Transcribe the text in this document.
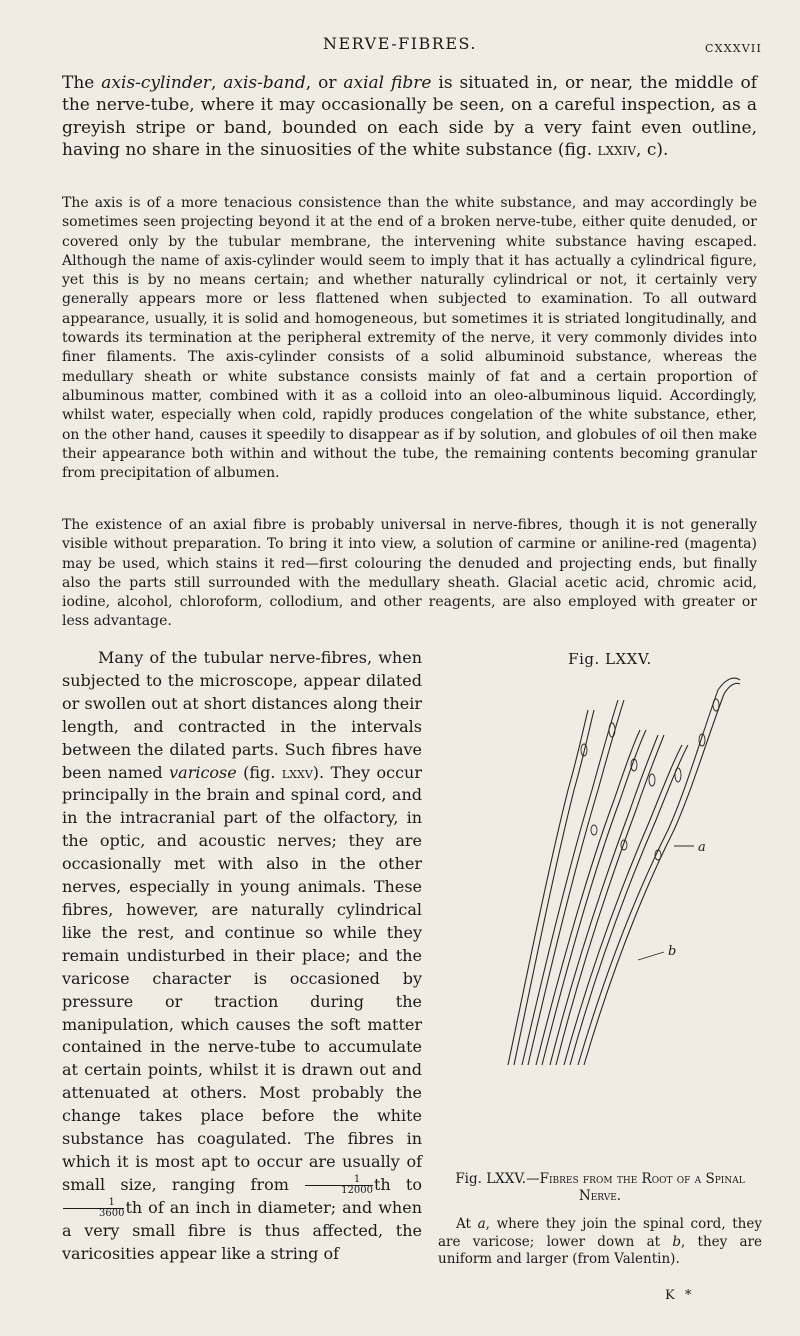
NERVE-FIBRES.	cxxxvii

The axis-cylinder, axis-band, or axial fibre is situated in, or near, the middle of the nerve-tube, where it may occasionally be seen, on a careful inspection, as a greyish stripe or band, bounded on each side by a very faint even outline, having no share in the sinuosities of the white substance (fig. lxxiv, c).

The axis is of a more tenacious consistence than the white substance, and may accordingly be sometimes seen projecting beyond it at the end of a broken nerve-tube, either quite denuded, or covered only by the tubular membrane, the intervening white substance having escaped. Although the name of axis-cylinder would seem to imply that it has actually a cylindrical figure, yet this is by no means certain; and whether naturally cylindrical or not, it certainly very generally appears more or less flattened when subjected to examination. To all outward appearance, usually, it is solid and homogeneous, but sometimes it is striated longitudinally, and towards its termination at the peripheral extremity of the nerve, it very commonly divides into finer filaments. The axis-cylinder consists of a solid albuminoid substance, whereas the medullary sheath or white substance consists mainly of fat and a certain proportion of albuminous matter, combined with it as a colloid into an oleo-albuminous liquid. Accordingly, whilst water, especially when cold, rapidly produces congelation of the white substance, ether, on the other hand, causes it speedily to disappear as if by solution, and globules of oil then make their appearance both within and without the tube, the remaining contents becoming granular from precipitation of albumen.

The existence of an axial fibre is probably universal in nerve-fibres, though it is not generally visible without preparation. To bring it into view, a solution of carmine or aniline-red (magenta) may be used, which stains it red—first colouring the denuded and projecting ends, but finally also the parts still surrounded with the medullary sheath. Glacial acetic acid, chromic acid, iodine, alcohol, chloroform, collodium, and other reagents, are also employed with greater or less advantage.

Many of the tubular nerve-fibres, when subjected to the microscope, appear dilated or swollen out at short distances along their length, and contracted in the intervals between the dilated parts. Such fibres have been named varicose (fig. lxxv). They occur principally in the brain and spinal cord, and in the intracranial part of the olfactory, in the optic, and acoustic nerves; they are occasionally met with also in the other nerves, especially in young animals. These fibres, however, are naturally cylindrical like the rest, and continue so while they remain undisturbed in their place; and the varicose character is occasioned by pressure or traction during the manipulation, which causes the soft matter contained in the nerve-tube to accumulate at certain points, whilst it is drawn out and attenuated at others. Most probably the change takes place before the white substance has coagulated. The fibres in which it is most apt to occur are usually of small size, ranging from $\frac{1}{12000}$ th to
$\frac{1}{3600}$ th of an inch in diameter; and when a very small fibre is thus affected, the varicosities appear like a string of

Fig. LXXV.
a
b
Fig. LXXV.—Fibres from the Root of a Spinal Nerve.
At a, where they join the spinal cord, they are varicose; lower down at b, they are uniform and larger (from Valentin).
K *
